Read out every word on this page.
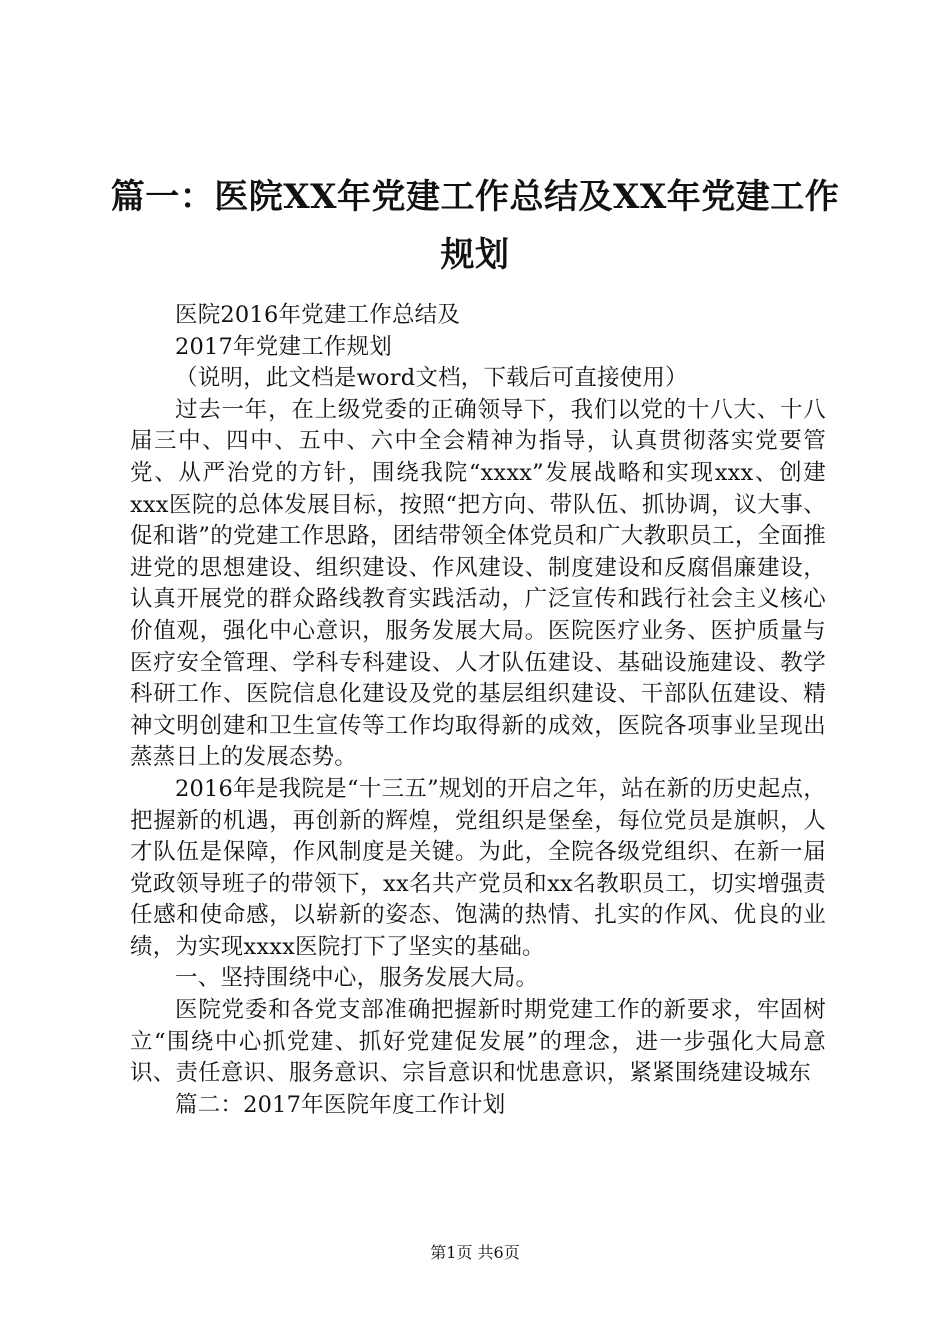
篇一：医院XX年党建工作总结及XX年党建工作规划

医院2016年党建工作总结及

2017年党建工作规划

（说明，此文档是word文档，下载后可直接使用）

过去一年，在上级党委的正确领导下，我们以党的十八大、十八届三中、四中、五中、六中全会精神为指导，认真贯彻落实党要管党、从严治党的方针，围绕我院“xxxx”发展战略和实现xxx、创建xxx医院的总体发展目标，按照“把方向、带队伍、抓协调，议大事、促和谐”的党建工作思路，团结带领全体党员和广大教职员工，全面推进党的思想建设、组织建设、作风建设、制度建设和反腐倡廉建设，认真开展党的群众路线教育实践活动，广泛宣传和践行社会主义核心价值观，强化中心意识，服务发展大局。医院医疗业务、医护质量与医疗安全管理、学科专科建设、人才队伍建设、基础设施建设、教学科研工作、医院信息化建设及党的基层组织建设、干部队伍建设、精神文明创建和卫生宣传等工作均取得新的成效，医院各项事业呈现出蒸蒸日上的发展态势。

2016年是我院是“十三五”规划的开启之年，站在新的历史起点，把握新的机遇，再创新的辉煌，党组织是堡垒，每位党员是旗帜，人才队伍是保障，作风制度是关键。为此，全院各级党组织、在新一届党政领导班子的带领下，xx名共产党员和xx名教职员工，切实增强责任感和使命感，以崭新的姿态、饱满的热情、扎实的作风、优良的业绩，为实现xxxx医院打下了坚实的基础。

一、坚持围绕中心，服务发展大局。

医院党委和各党支部准确把握新时期党建工作的新要求，牢固树立“围绕中心抓党建、抓好党建促发展”的理念，进一步强化大局意识、责任意识、服务意识、宗旨意识和忧患意识，紧紧围绕建设城东

篇二：2017年医院年度工作计划

第1页 共6页
